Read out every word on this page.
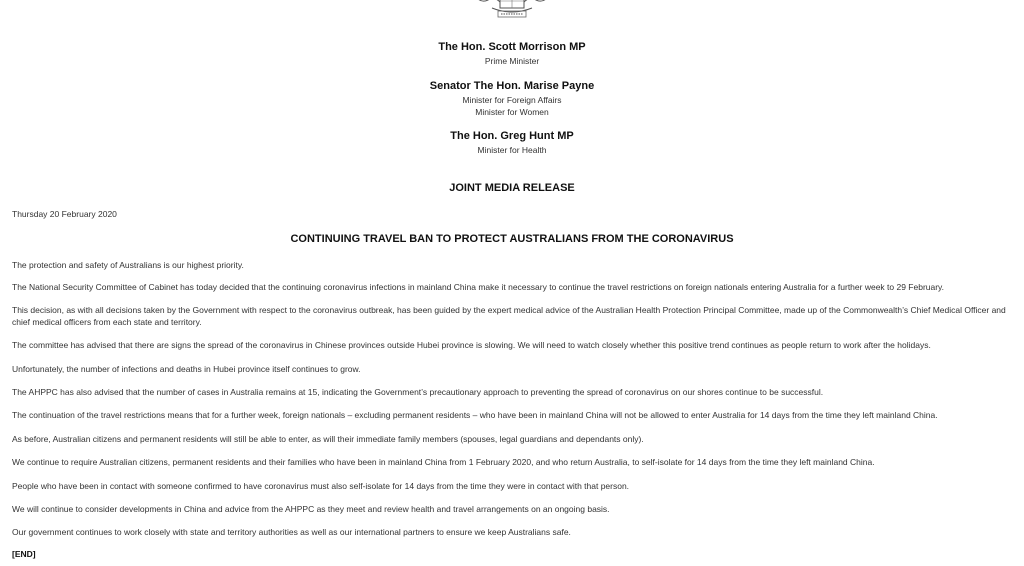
The Hon. Scott Morrison MP
Prime Minister
Senator The Hon. Marise Payne
Minister for Foreign Affairs
Minister for Women
The Hon. Greg Hunt MP
Minister for Health
JOINT MEDIA RELEASE
Thursday 20 February 2020
CONTINUING TRAVEL BAN TO PROTECT AUSTRALIANS FROM THE CORONAVIRUS
The protection and safety of Australians is our highest priority.
The National Security Committee of Cabinet has today decided that the continuing coronavirus infections in mainland China make it necessary to continue the travel restrictions on foreign nationals entering Australia for a further week to 29 February.
This decision, as with all decisions taken by the Government with respect to the coronavirus outbreak, has been guided by the expert medical advice of the Australian Health Protection Principal Committee, made up of the Commonwealth’s Chief Medical Officer and chief medical officers from each state and territory.
The committee has advised that there are signs the spread of the coronavirus in Chinese provinces outside Hubei province is slowing. We will need to watch closely whether this positive trend continues as people return to work after the holidays.
Unfortunately, the number of infections and deaths in Hubei province itself continues to grow.
The AHPPC has also advised that the number of cases in Australia remains at 15, indicating the Government’s precautionary approach to preventing the spread of coronavirus on our shores continue to be successful.
The continuation of the travel restrictions means that for a further week, foreign nationals – excluding permanent residents – who have been in mainland China will not be allowed to enter Australia for 14 days from the time they left mainland China.
As before, Australian citizens and permanent residents will still be able to enter, as will their immediate family members (spouses, legal guardians and dependants only).
We continue to require Australian citizens, permanent residents and their families who have been in mainland China from 1 February 2020, and who return Australia, to self-isolate for 14 days from the time they left mainland China.
People who have been in contact with someone confirmed to have coronavirus must also self-isolate for 14 days from the time they were in contact with that person.
We will continue to consider developments in China and advice from the AHPPC as they meet and review health and travel arrangements on an ongoing basis.
Our government continues to work closely with state and territory authorities as well as our international partners to ensure we keep Australians safe.
[END]
